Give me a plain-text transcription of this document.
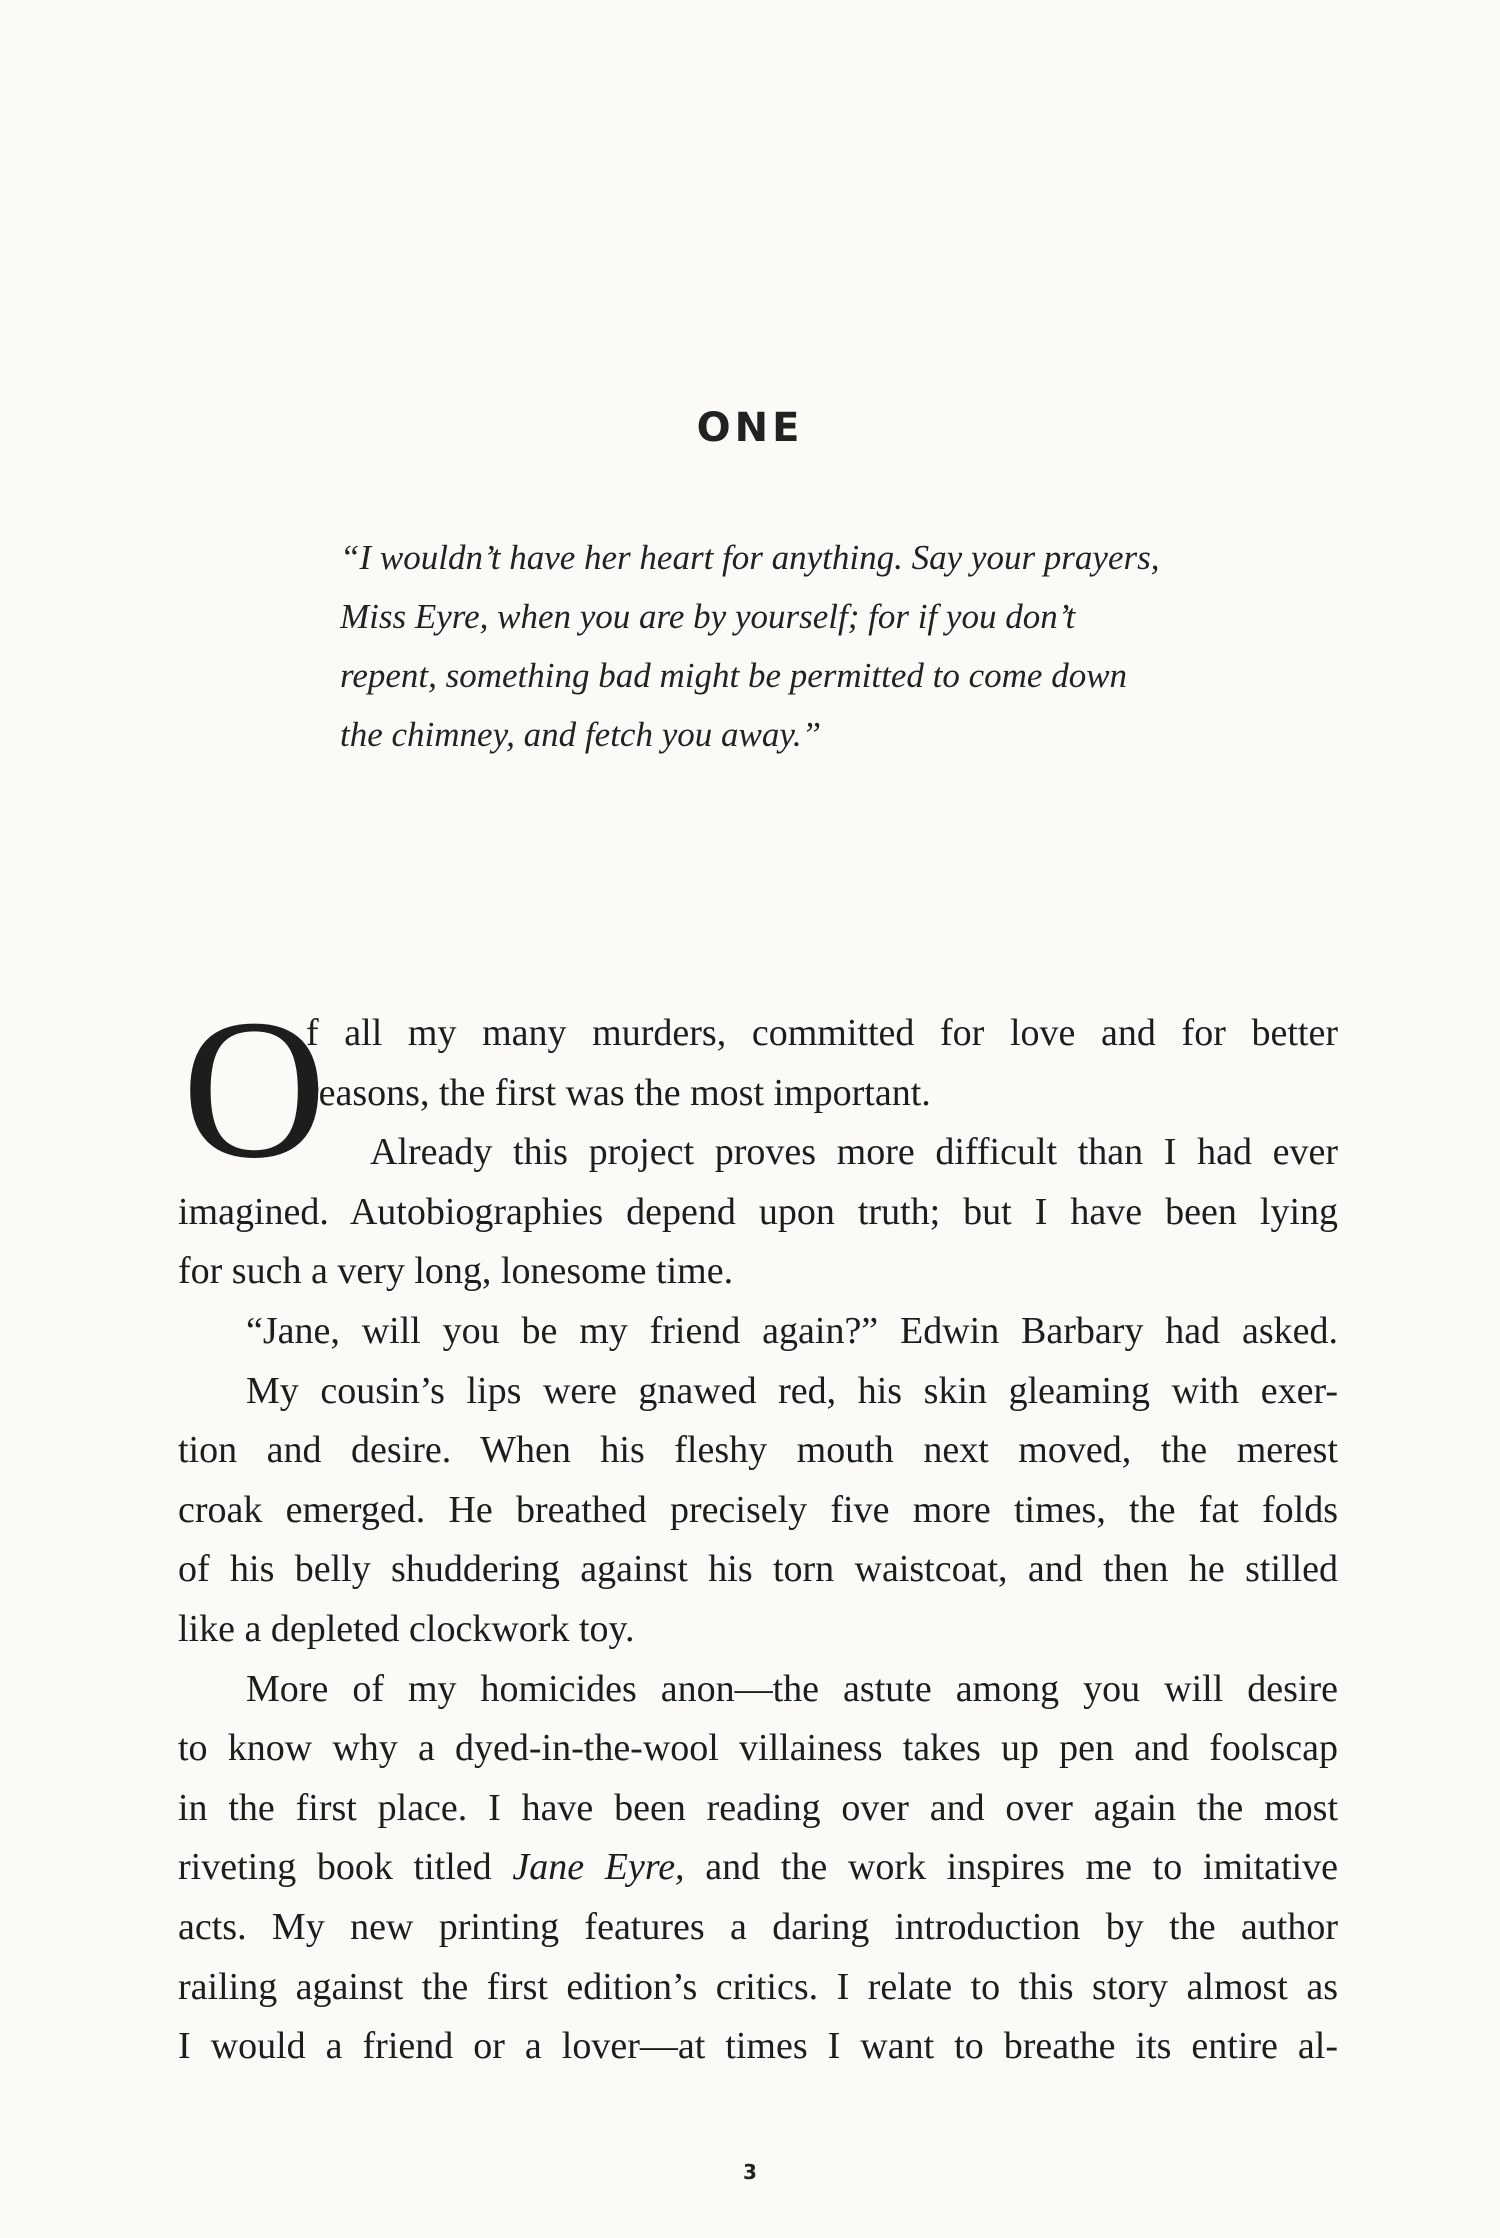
ONE
“I wouldn’t have her heart for anything. Say your prayers,
Miss Eyre, when you are by yourself; for if you don’t
repent, something bad might be permitted to come down
the chimney, and fetch you away.”
O
f all my many murders, committed for love and for better
reasons, the first was the most important.
Already this project proves more difficult than I had ever
imagined. Autobiographies depend upon truth; but I have been lying
for such a very long, lonesome time.
“Jane, will you be my friend again?” Edwin Barbary had asked.
My cousin’s lips were gnawed red, his skin gleaming with exer-
tion and desire. When his fleshy mouth next moved, the merest
croak emerged. He breathed precisely five more times, the fat folds
of his belly shuddering against his torn waistcoat, and then he stilled
like a depleted clockwork toy.
More of my homicides anon—the astute among you will desire
to know why a dyed-in-the-wool villainess takes up pen and foolscap
in the first place. I have been reading over and over again the most
riveting book titled Jane Eyre, and the work inspires me to imitative
acts. My new printing features a daring introduction by the author
railing against the first edition’s critics. I relate to this story almost as
I would a friend or a lover—at times I want to breathe its entire al-
3
